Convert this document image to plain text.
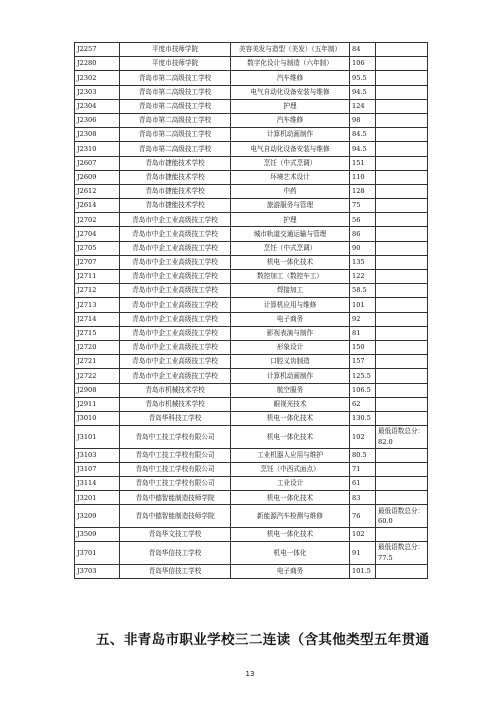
J2257	平度市技师学院	美容美发与造型（美发）（五年制）	84	
J2280	平度市技师学院	数字化设计与制造（六年制）	106	
J2302	青岛市第二高级技工学校	汽车维修	95.5	
J2303	青岛市第二高级技工学校	电气自动化设备安装与维修	94.5	
J2304	青岛市第二高级技工学校	护理	124	
J2306	青岛市第二高级技工学校	汽车维修	98	
J2308	青岛市第二高级技工学校	计算机动画制作	84.5	
J2310	青岛市第二高级技工学校	电气自动化设备安装与维修	94.5	
J2607	青岛市捷能技术学校	烹饪（中式烹调）	151	
J2609	青岛市捷能技术学校	环境艺术设计	110	
J2612	青岛市捷能技术学校	中药	128	
J2614	青岛市捷能技术学校	旅游服务与管理	75	
J2702	青岛市中企工业高级技工学校	护理	56	
J2704	青岛市中企工业高级技工学校	城市轨道交通运输与管理	86	
J2705	青岛市中企工业高级技工学校	烹饪（中式烹调）	90	
J2707	青岛市中企工业高级技工学校	机电一体化技术	135	
J2711	青岛市中企工业高级技工学校	数控加工（数控车工）	122	
J2712	青岛市中企工业高级技工学校	焊接加工	58.5	
J2713	青岛市中企工业高级技工学校	计算机应用与维修	101	
J2714	青岛市中企工业高级技工学校	电子商务	92	
J2715	青岛市中企工业高级技工学校	影视表演与制作	81	
J2720	青岛市中企工业高级技工学校	形象设计	150	
J2721	青岛市中企工业高级技工学校	口腔义齿制造	157	
J2722	青岛市中企工业高级技工学校	计算机动画制作	125.5	
J2908	青岛市机械技术学校	航空服务	106.5	
J2911	青岛市机械技术学校	眼视光技术	62	
J3010	青岛华科技工学校	机电一体化技术	130.5	
J3101	青岛中工技工学校有限公司	机电一体化技术	102	最低语数总分：
82.0

J3103	青岛中工技工学校有限公司	工业机器人应用与维护	80.5	
J3107	青岛中工技工学校有限公司	烹饪（中西式面点）	71	
J3114	青岛中工技工学校有限公司	工业设计	61	
J3201	青岛中德智能制造技师学院	机电一体化技术	83	
J3209	青岛中德智能制造技师学院	新能源汽车检测与维修	76	最低语数总分：
60.0

J3509	青岛华文技工学校	机电一体化技术	102	
J3701	青岛华信技工学校	机电一体化	91	最低语数总分：
77.5

J3703	青岛华信技工学校	电子商务	101.5	
五、非青岛市职业学校三二连读（含其他类型五年贯通
13
